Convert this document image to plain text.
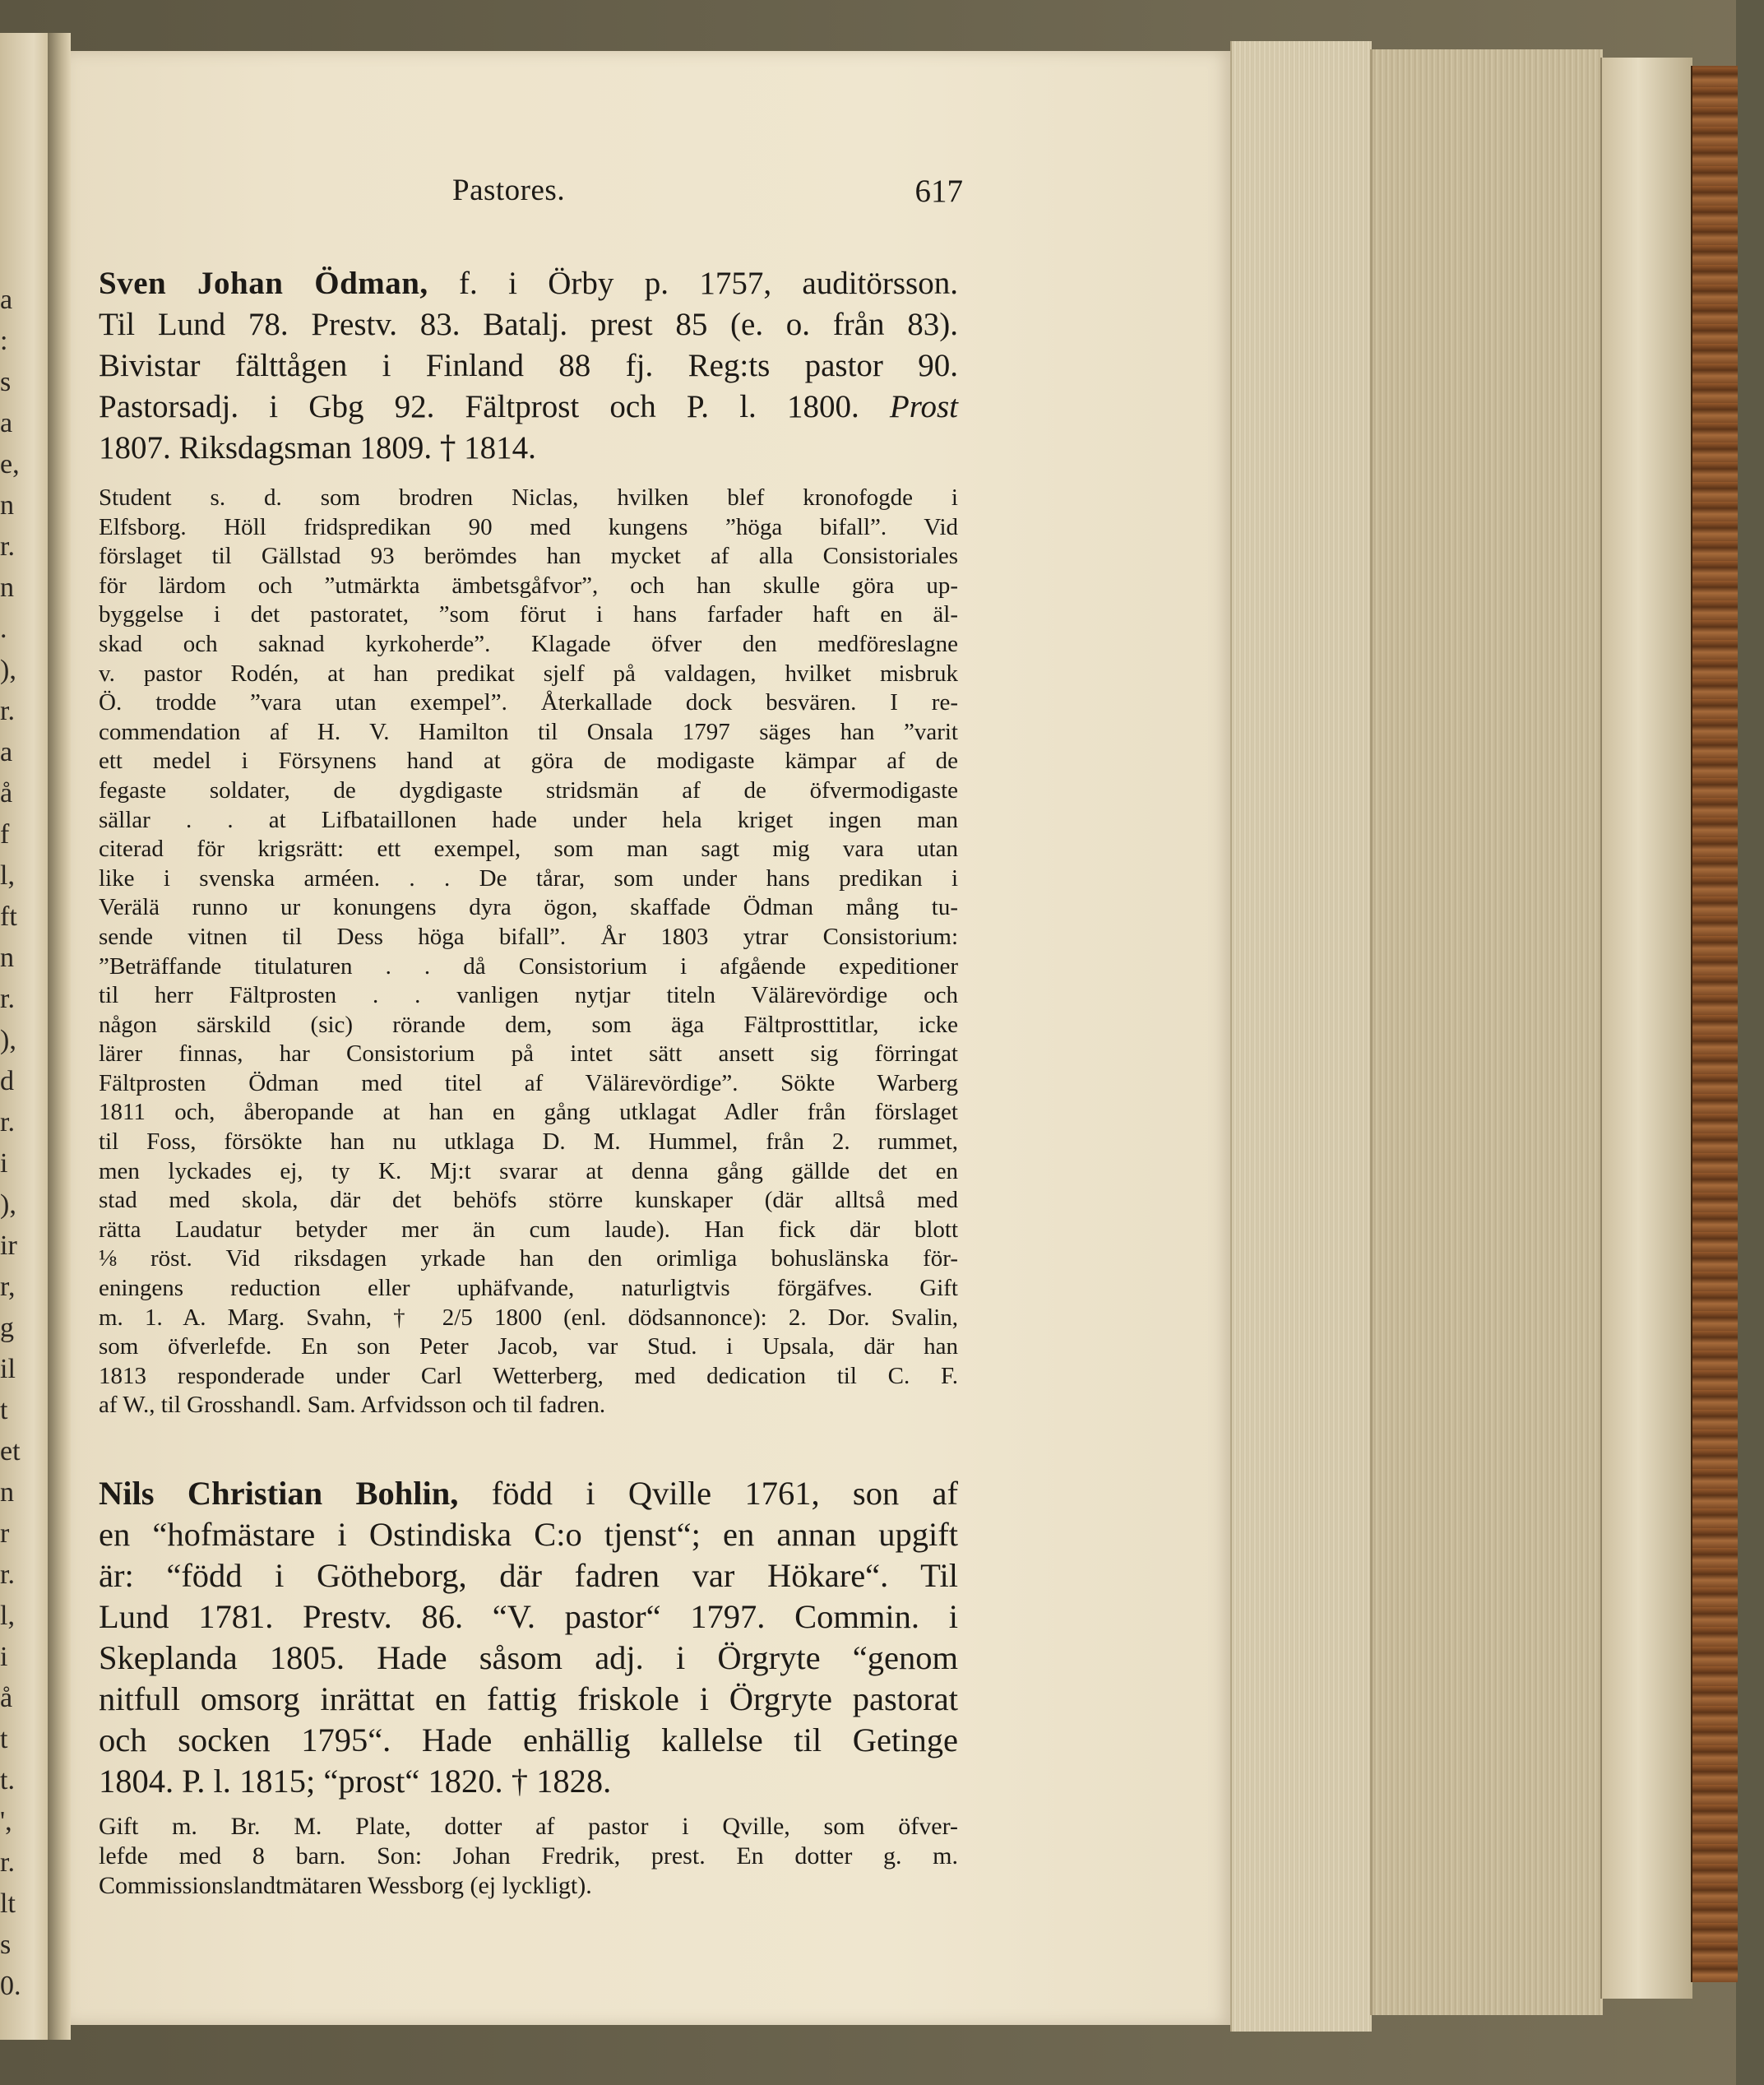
a
:
s
a
e,
n
r.
n
.
),
r.
a
å
f
l,
ft
n
r.
),
d
r.
i
),
ir
r,
g
il
t
et
n
r
r.
l,
i
å
t
t.
',
r.
lt
s
0.
Pastores.	617
Sven Johan Ödman, f. i Örby p. 1757, auditörsson.
Til Lund 78. Prestv. 83. Batalj. prest 85 (e. o. från 83).
Bivistar fälttågen i Finland 88 fj. Reg:ts pastor 90.
Pastorsadj. i Gbg 92. Fältprost och P. l. 1800. Prost
1807. Riksdagsman 1809. † 1814.
Student s. d. som brodren Niclas, hvilken blef kronofogde i
Elfsborg. Höll fridspredikan 90 med kungens ”höga bifall”. Vid
förslaget til Gällstad 93 berömdes han mycket af alla Consistoriales
för lärdom och ”utmärkta ämbetsgåfvor”, och han skulle göra up-
byggelse i det pastoratet, ”som förut i hans farfader haft en äl-
skad och saknad kyrkoherde”. Klagade öfver den medföreslagne
v. pastor Rodén, at han predikat sjelf på valdagen, hvilket misbruk
Ö. trodde ”vara utan exempel”. Återkallade dock besvären. I re-
commendation af H. V. Hamilton til Onsala 1797 säges han ”varit
ett medel i Försynens hand at göra de modigaste kämpar af de
fegaste soldater, de dygdigaste stridsmän af de öfvermodigaste
sällar . . at Lifbataillonen hade under hela kriget ingen man
citerad för krigsrätt: ett exempel, som man sagt mig vara utan
like i svenska arméen. . . De tårar, som under hans predikan i
Verälä runno ur konungens dyra ögon, skaffade Ödman mång tu-
sende vitnen til Dess höga bifall”. År 1803 ytrar Consistorium:
”Beträffande titulaturen . . då Consistorium i afgående expeditioner
til herr Fältprosten . . vanligen nytjar titeln Välärevördige och
någon särskild (sic) rörande dem, som äga Fältprosttitlar, icke
lärer finnas, har Consistorium på intet sätt ansett sig förringat
Fältprosten Ödman med titel af Välärevördige”. Sökte Warberg
1811 och, åberopande at han en gång utklagat Adler från förslaget
til Foss, försökte han nu utklaga D. M. Hummel, från 2. rummet,
men lyckades ej, ty K. Mj:t svarar at denna gång gällde det en
stad med skola, där det behöfs större kunskaper (där alltså med
rätta Laudatur betyder mer än cum laude). Han fick där blott
⅛ röst. Vid riksdagen yrkade han den orimliga bohuslänska för-
eningens reduction eller uphäfvande, naturligtvis förgäfves. Gift
m. 1. A. Marg. Svahn, † 2/5 1800 (enl. dödsannonce): 2. Dor. Svalin,
som öfverlefde. En son Peter Jacob, var Stud. i Upsala, där han
1813 responderade under Carl Wetterberg, med dedication til C. F.
af W., til Grosshandl. Sam. Arfvidsson och til fadren.
Nils Christian Bohlin, född i Qville 1761, son af
en “hofmästare i Ostindiska C:o tjenst“; en annan upgift
är: “född i Götheborg, där fadren var Hökare“. Til
Lund 1781. Prestv. 86. “V. pastor“ 1797. Commin. i
Skeplanda 1805. Hade såsom adj. i Örgryte “genom
nitfull omsorg inrättat en fattig friskole i Örgryte pastorat
och socken 1795“. Hade enhällig kallelse til Getinge
1804. P. l. 1815; “prost“ 1820. † 1828.
Gift m. Br. M. Plate, dotter af pastor i Qville, som öfver-
lefde med 8 barn. Son: Johan Fredrik, prest. En dotter g. m.
Commissionslandtmätaren Wessborg (ej lyckligt).
